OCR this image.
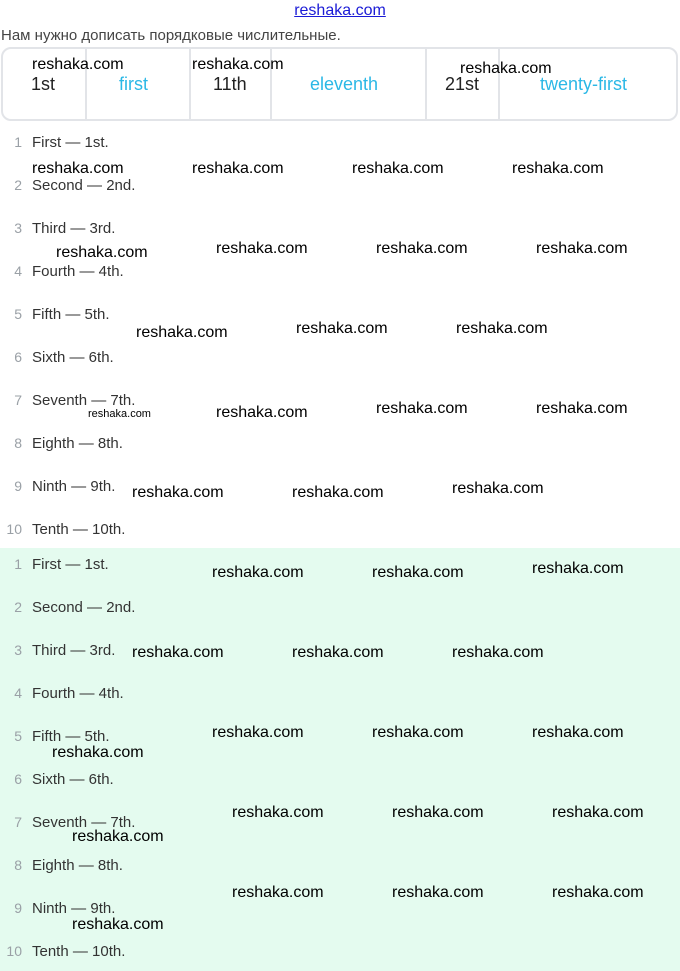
reshaka.com
Нам нужно дописать порядковые числительные.
1st	first	11th	eleventh	21st	twenty-first
1 First — 1st.
2 Second — 2nd.
3 Third — 3rd.
4 Fourth — 4th.
5 Fifth — 5th.
6 Sixth — 6th.
7 Seventh — 7th.
8 Eighth — 8th.
9 Ninth — 9th.
10 Tenth — 10th.
1 First — 1st.
2 Second — 2nd.
3 Third — 3rd.
4 Fourth — 4th.
5 Fifth — 5th.
6 Sixth — 6th.
7 Seventh — 7th.
8 Eighth — 8th.
9 Ninth — 9th.
10 Tenth — 10th.
reshaka.com	reshaka.com	reshaka.com
reshaka.com	reshaka.com	reshaka.com	reshaka.com
reshaka.com	reshaka.com	reshaka.com	reshaka.com
reshaka.com	reshaka.com	reshaka.com
reshaka.com	reshaka.com	reshaka.com	reshaka.com
reshaka.com	reshaka.com	reshaka.com
reshaka.com	reshaka.com	reshaka.com
reshaka.com	reshaka.com	reshaka.com
reshaka.com	reshaka.com	reshaka.com
reshaka.com
reshaka.com	reshaka.com	reshaka.com
reshaka.com
reshaka.com	reshaka.com	reshaka.com
reshaka.com
